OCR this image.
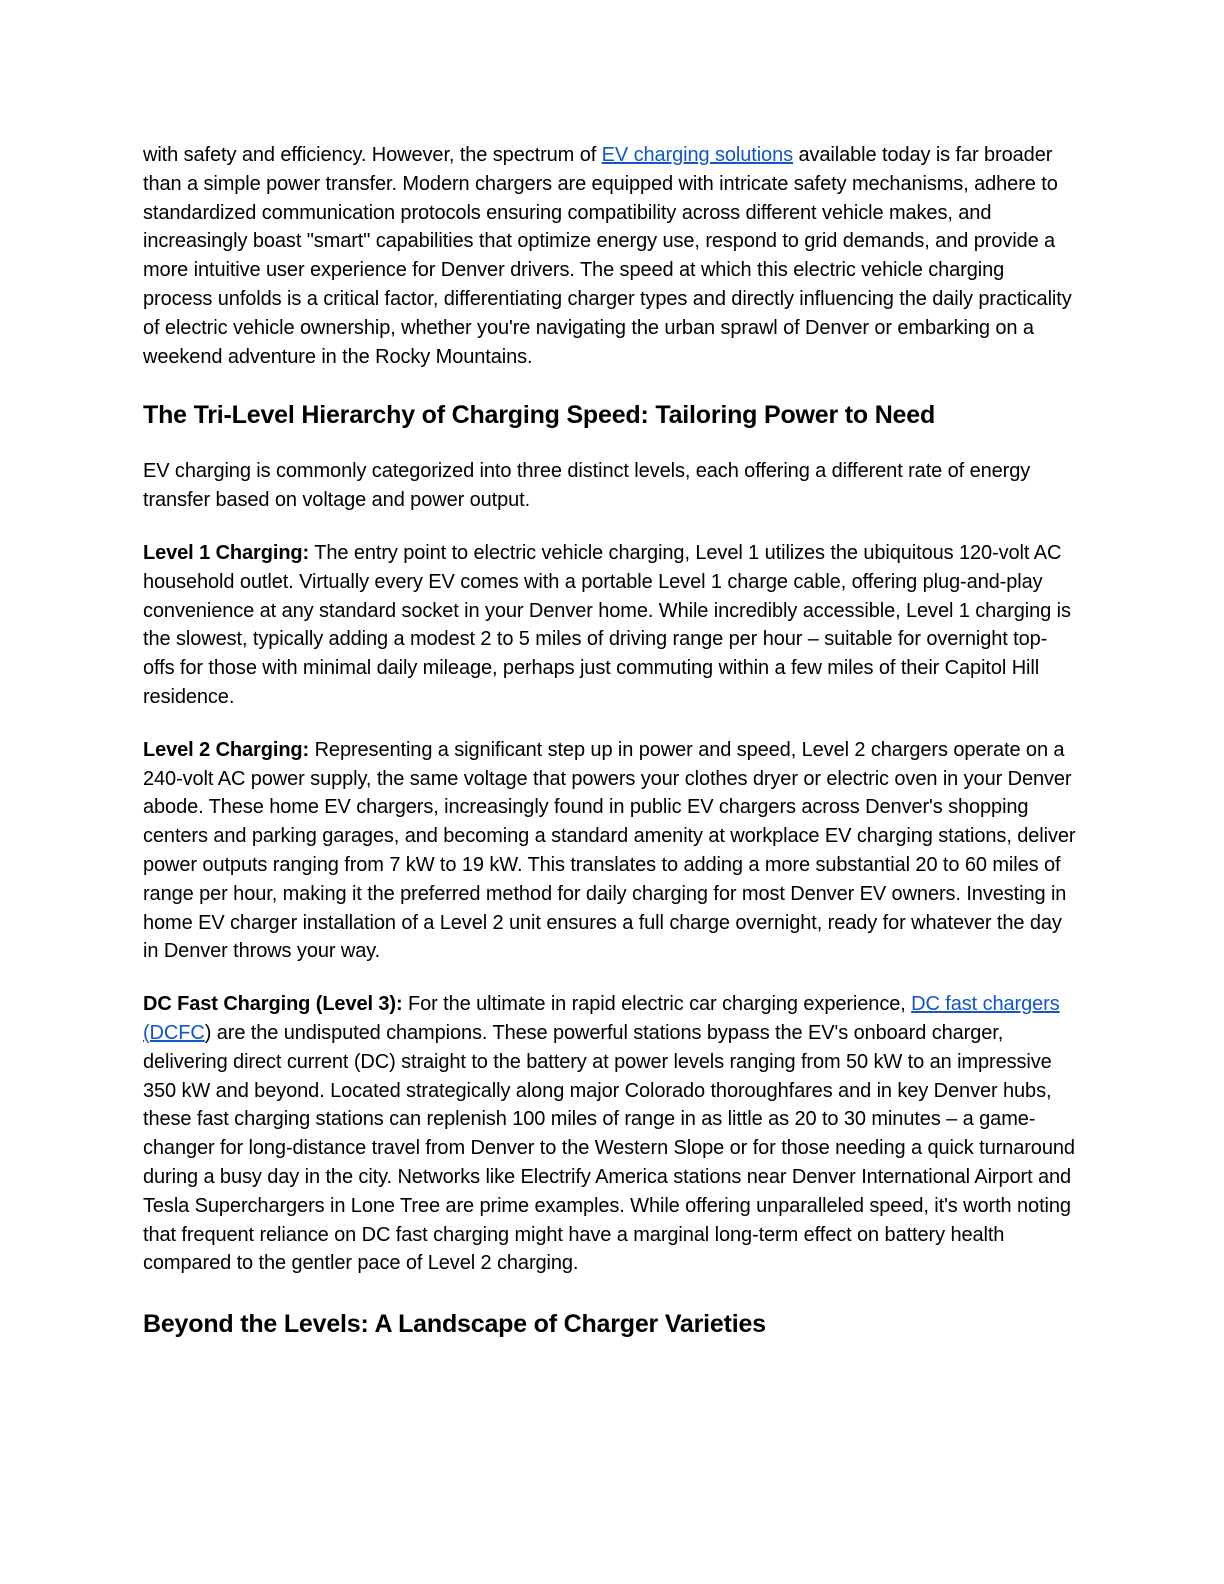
with safety and efficiency. However, the spectrum of EV charging solutions available today is far broader than a simple power transfer. Modern chargers are equipped with intricate safety mechanisms, adhere to standardized communication protocols ensuring compatibility across different vehicle makes, and increasingly boast "smart" capabilities that optimize energy use, respond to grid demands, and provide a more intuitive user experience for Denver drivers. The speed at which this electric vehicle charging process unfolds is a critical factor, differentiating charger types and directly influencing the daily practicality of electric vehicle ownership, whether you're navigating the urban sprawl of Denver or embarking on a weekend adventure in the Rocky Mountains.

The Tri-Level Hierarchy of Charging Speed: Tailoring Power to Need

EV charging is commonly categorized into three distinct levels, each offering a different rate of energy transfer based on voltage and power output.

Level 1 Charging: The entry point to electric vehicle charging, Level 1 utilizes the ubiquitous 120-volt AC household outlet. Virtually every EV comes with a portable Level 1 charge cable, offering plug-and-play convenience at any standard socket in your Denver home. While incredibly accessible, Level 1 charging is the slowest, typically adding a modest 2 to 5 miles of driving range per hour – suitable for overnight top-offs for those with minimal daily mileage, perhaps just commuting within a few miles of their Capitol Hill residence.

Level 2 Charging: Representing a significant step up in power and speed, Level 2 chargers operate on a 240-volt AC power supply, the same voltage that powers your clothes dryer or electric oven in your Denver abode. These home EV chargers, increasingly found in public EV chargers across Denver's shopping centers and parking garages, and becoming a standard amenity at workplace EV charging stations, deliver power outputs ranging from 7 kW to 19 kW. This translates to adding a more substantial 20 to 60 miles of range per hour, making it the preferred method for daily charging for most Denver EV owners. Investing in home EV charger installation of a Level 2 unit ensures a full charge overnight, ready for whatever the day in Denver throws your way.

DC Fast Charging (Level 3): For the ultimate in rapid electric car charging experience, DC fast chargers (DCFC) are the undisputed champions. These powerful stations bypass the EV's onboard charger, delivering direct current (DC) straight to the battery at power levels ranging from 50 kW to an impressive 350 kW and beyond. Located strategically along major Colorado thoroughfares and in key Denver hubs, these fast charging stations can replenish 100 miles of range in as little as 20 to 30 minutes – a game-changer for long-distance travel from Denver to the Western Slope or for those needing a quick turnaround during a busy day in the city. Networks like Electrify America stations near Denver International Airport and Tesla Superchargers in Lone Tree are prime examples. While offering unparalleled speed, it's worth noting that frequent reliance on DC fast charging might have a marginal long-term effect on battery health compared to the gentler pace of Level 2 charging.

Beyond the Levels: A Landscape of Charger Varieties
